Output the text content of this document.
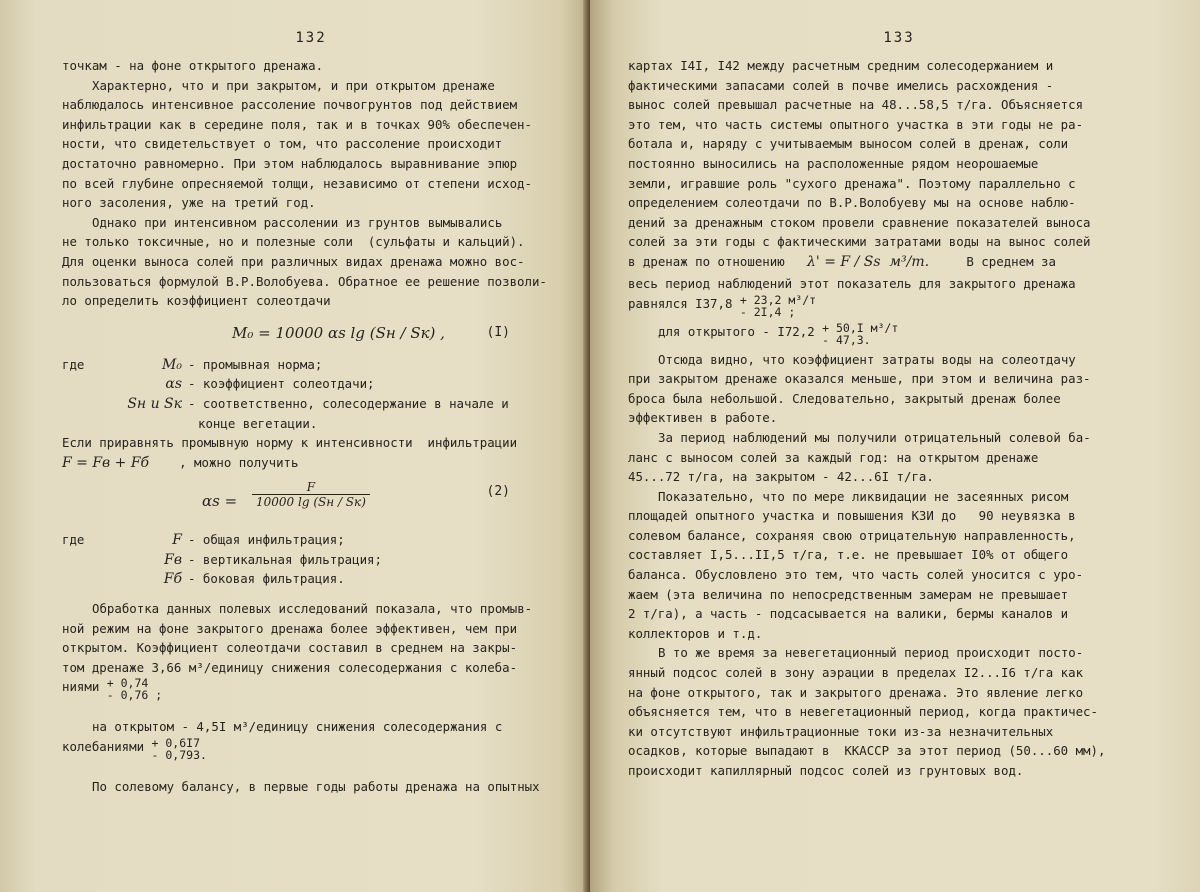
132
точкам - на фоне открытого дренажа.
Характерно, что и при закрытом, и при открытом дренаже
наблюдалось интенсивное рассоление почвогрунтов под действием
инфильтрации как в середине поля, так и в точках 90% обеспечен-
ности, что свидетельствует о том, что рассоление происходит
достаточно равномерно. При этом наблюдалось выравнивание эпюр
по всей глубине опресняемой толщи, независимо от степени исход-
ного засоления, уже на третий год.
Однако при интенсивном рассолении из грунтов вымывались
не только токсичные, но и полезные соли  (сульфаты и кальций).
Для оценки выноса солей при различных видах дренажа можно вос-
пользоваться формулой В.Р.Волобуева. Обратное ее решение позволи-
ло определить коэффициент солеотдачи
M₀ = 10000 αs lg (Sн / Sк) ,	(I)
где	M₀ - промывная норма;
αs - коэффициент солеотдачи;
Sн и Sк - соответственно, солесодержание в начале и
конце вегетации.
Если приравнять промывную норму к интенсивности  инфильтрации
F = Fв + Fб , можно получить
αs =
F
10000 lg (Sн / Sк)
(2)
где	F - общая инфильтрация;
Fв - вертикальная фильтрация;
Fб - боковая фильтрация.
Обработка данных полевых исследований показала, что промыв-
ной режим на фоне закрытого дренажа более эффективен, чем при
открытом. Коэффициент солеотдачи составил в среднем на закры-
том дренаже 3,66 м³/единицу снижения солесодержания с колеба-
ниями + 0,74
- 0,76 ;
на открытом - 4,5I м³/единицу снижения солесодержания с
колебаниями + 0,6I7
- 0,793.
По солевому балансу, в первые годы работы дренажа на опытных
133
картах I4I, I42 между расчетным средним солесодержанием и
фактическими запасами солей в почве имелись расхождения -
вынос солей превышал расчетные на 48...58,5 т/га. Объясняется
это тем, что часть системы опытного участка в эти годы не ра-
ботала и, наряду с учитываемым выносом солей в дренаж, соли
постоянно выносились на расположенные рядом неорошаемые
земли, игравшие роль "сухого дренажа". Поэтому параллельно с
определением солеотдачи по В.Р.Волобуеву мы на основе наблю-
дений за дренажным стоком провели сравнение показателей выноса
солей за эти годы с фактическими затратами воды на вынос солей
в дренаж по отношению λ' = F / Ss  м³/т.	В среднем за
весь период наблюдений этот показатель для закрытого дренажа
равнялся I37,8 + 23,2 м³/т
- 2I,4 ;
для открытого - I72,2 + 50,I м³/т
- 47,3.
Отсюда видно, что коэффициент затраты воды на солеотдачу
при закрытом дренаже оказался меньше, при этом и величина раз-
броса была небольшой. Следовательно, закрытый дренаж более
эффективен в работе.
За период наблюдений мы получили отрицательный солевой ба-
ланс с выносом солей за каждый год: на открытом дренаже
45...72 т/га, на закрытом - 42...6I т/га.
Показательно, что по мере ликвидации не засеянных рисом
площадей опытного участка и повышения КЗИ до   90 неувязка в
солевом балансе, сохраняя свою отрицательную направленность,
составляет I,5...II,5 т/га, т.е. не превышает I0% от общего
баланса. Обусловлено это тем, что часть солей уносится с уро-
жаем (эта величина по непосредственным замерам не превышает
2 т/га), а часть - подсасывается на валики, бермы каналов и
коллекторов и т.д.
В то же время за невегетационный период происходит посто-
янный подсос солей в зону аэрации в пределах I2...I6 т/га как
на фоне открытого, так и закрытого дренажа. Это явление легко
объясняется тем, что в невегетационный период, когда практичес-
ки отсутствуют инфильтрационные токи из-за незначительных
осадков, которые выпадают в  ККАССР за этот период (50...60 мм),
происходит капиллярный подсос солей из грунтовых вод.
